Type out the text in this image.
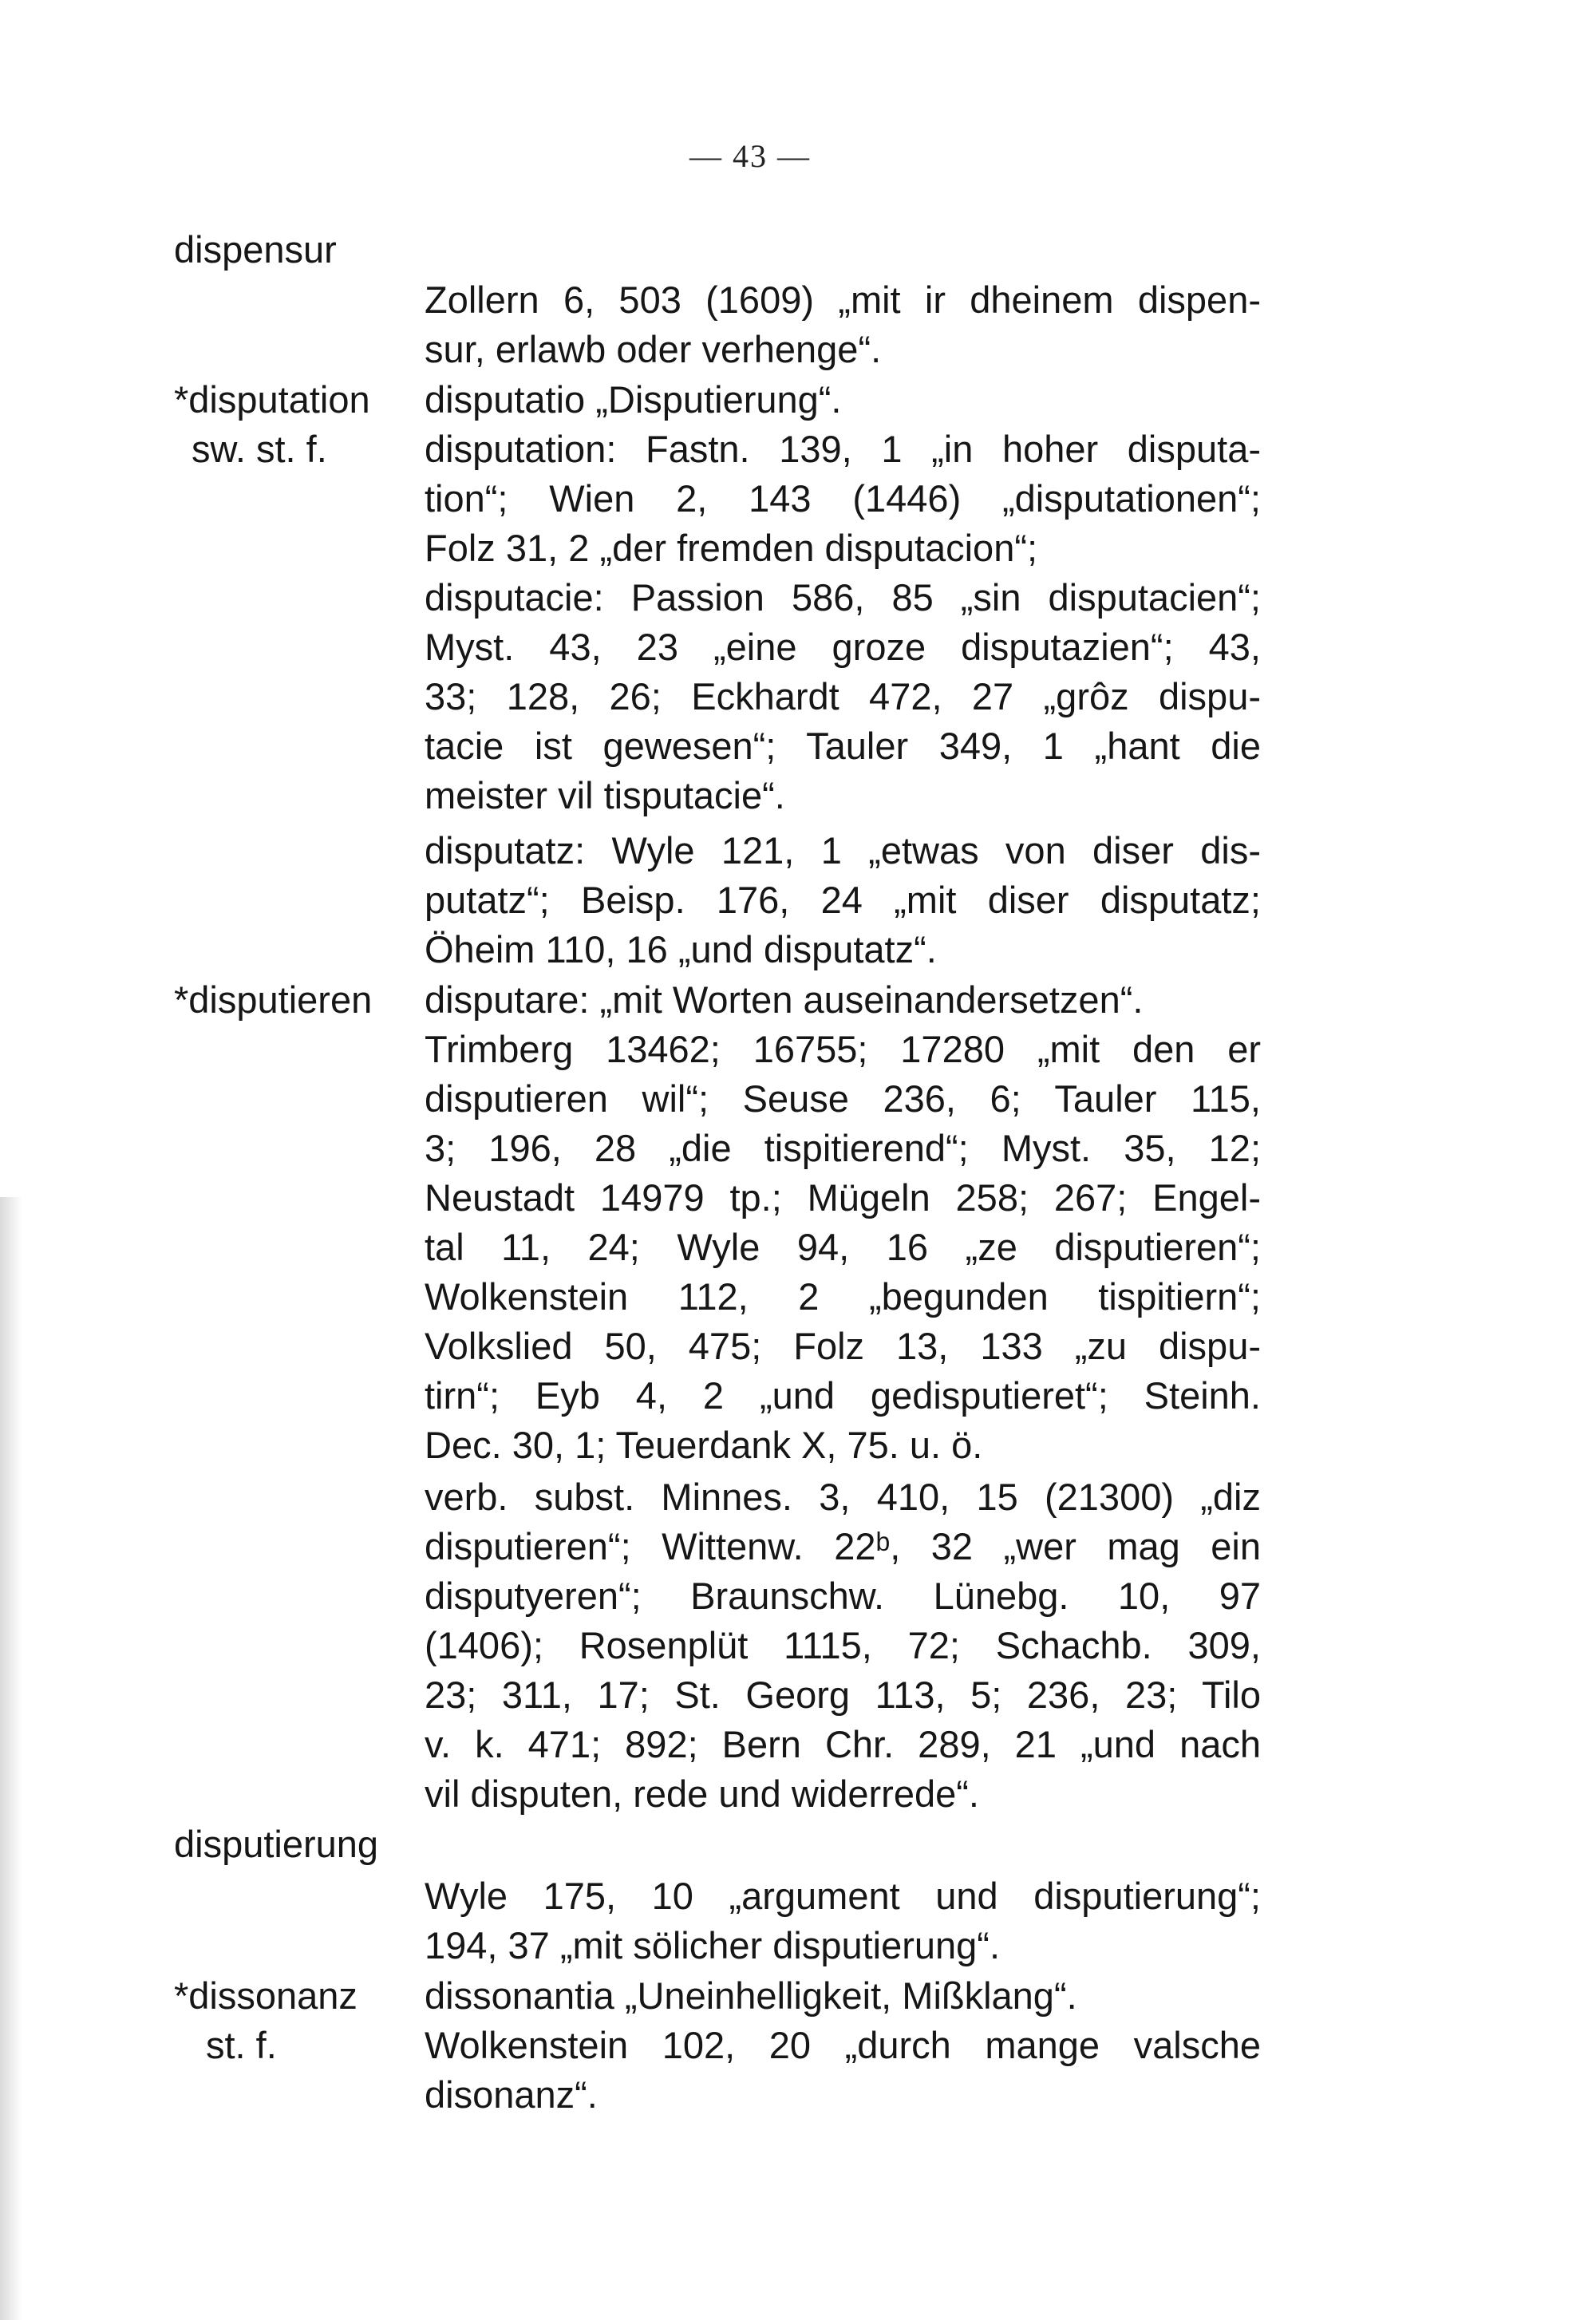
— 43 —

dispensur

*disputation

sw. st. f.

*disputieren

disputierung

*dissonanz

st. f.

Zollern 6, 503 (1609) „mit ir dheinem dispen-

sur, erlawb oder verhenge“.

disputatio „Disputierung“.

disputation: Fastn. 139, 1 „in hoher disputa-

tion“; Wien 2, 143 (1446) „disputationen“;

Folz 31, 2 „der fremden disputacion“;

disputacie: Passion 586, 85 „sin disputacien“;

Myst. 43, 23 „eine groze disputazien“; 43,

33; 128, 26; Eckhardt 472, 27 „grôz dispu-

tacie ist gewesen“; Tauler 349, 1 „hant die

meister vil tisputacie“.

disputatz: Wyle 121, 1 „etwas von diser dis-

putatz“; Beisp. 176, 24 „mit diser disputatz;

Öheim 110, 16 „und disputatz“.

disputare: „mit Worten auseinandersetzen“.

Trimberg 13462; 16755; 17280 „mit den er

disputieren wil“; Seuse 236, 6; Tauler 115,

3; 196, 28 „die tispitierend“; Myst. 35, 12;

Neustadt 14979 tp.; Mügeln 258; 267; Engel-

tal 11, 24; Wyle 94, 16 „ze disputieren“;

Wolkenstein 112, 2 „begunden tispitiern“;

Volkslied 50, 475; Folz 13, 133 „zu dispu-

tirn“; Eyb 4, 2 „und gedisputieret“; Steinh.

Dec. 30, 1; Teuerdank X, 75. u. ö.

verb. subst. Minnes. 3, 410, 15 (21300) „diz

disputieren“; Wittenw. 22ᵇ, 32 „wer mag ein

disputyeren“; Braunschw. Lünebg. 10, 97

(1406); Rosenplüt 1115, 72; Schachb. 309,

23; 311, 17; St. Georg 113, 5; 236, 23; Tilo

v. k. 471; 892; Bern Chr. 289, 21 „und nach

vil disputen, rede und widerrede“.

Wyle 175, 10 „argument und disputierung“;

194, 37 „mit sölicher disputierung“.

dissonantia „Uneinhelligkeit, Mißklang“.

Wolkenstein 102, 20 „durch mange valsche

disonanz“.
